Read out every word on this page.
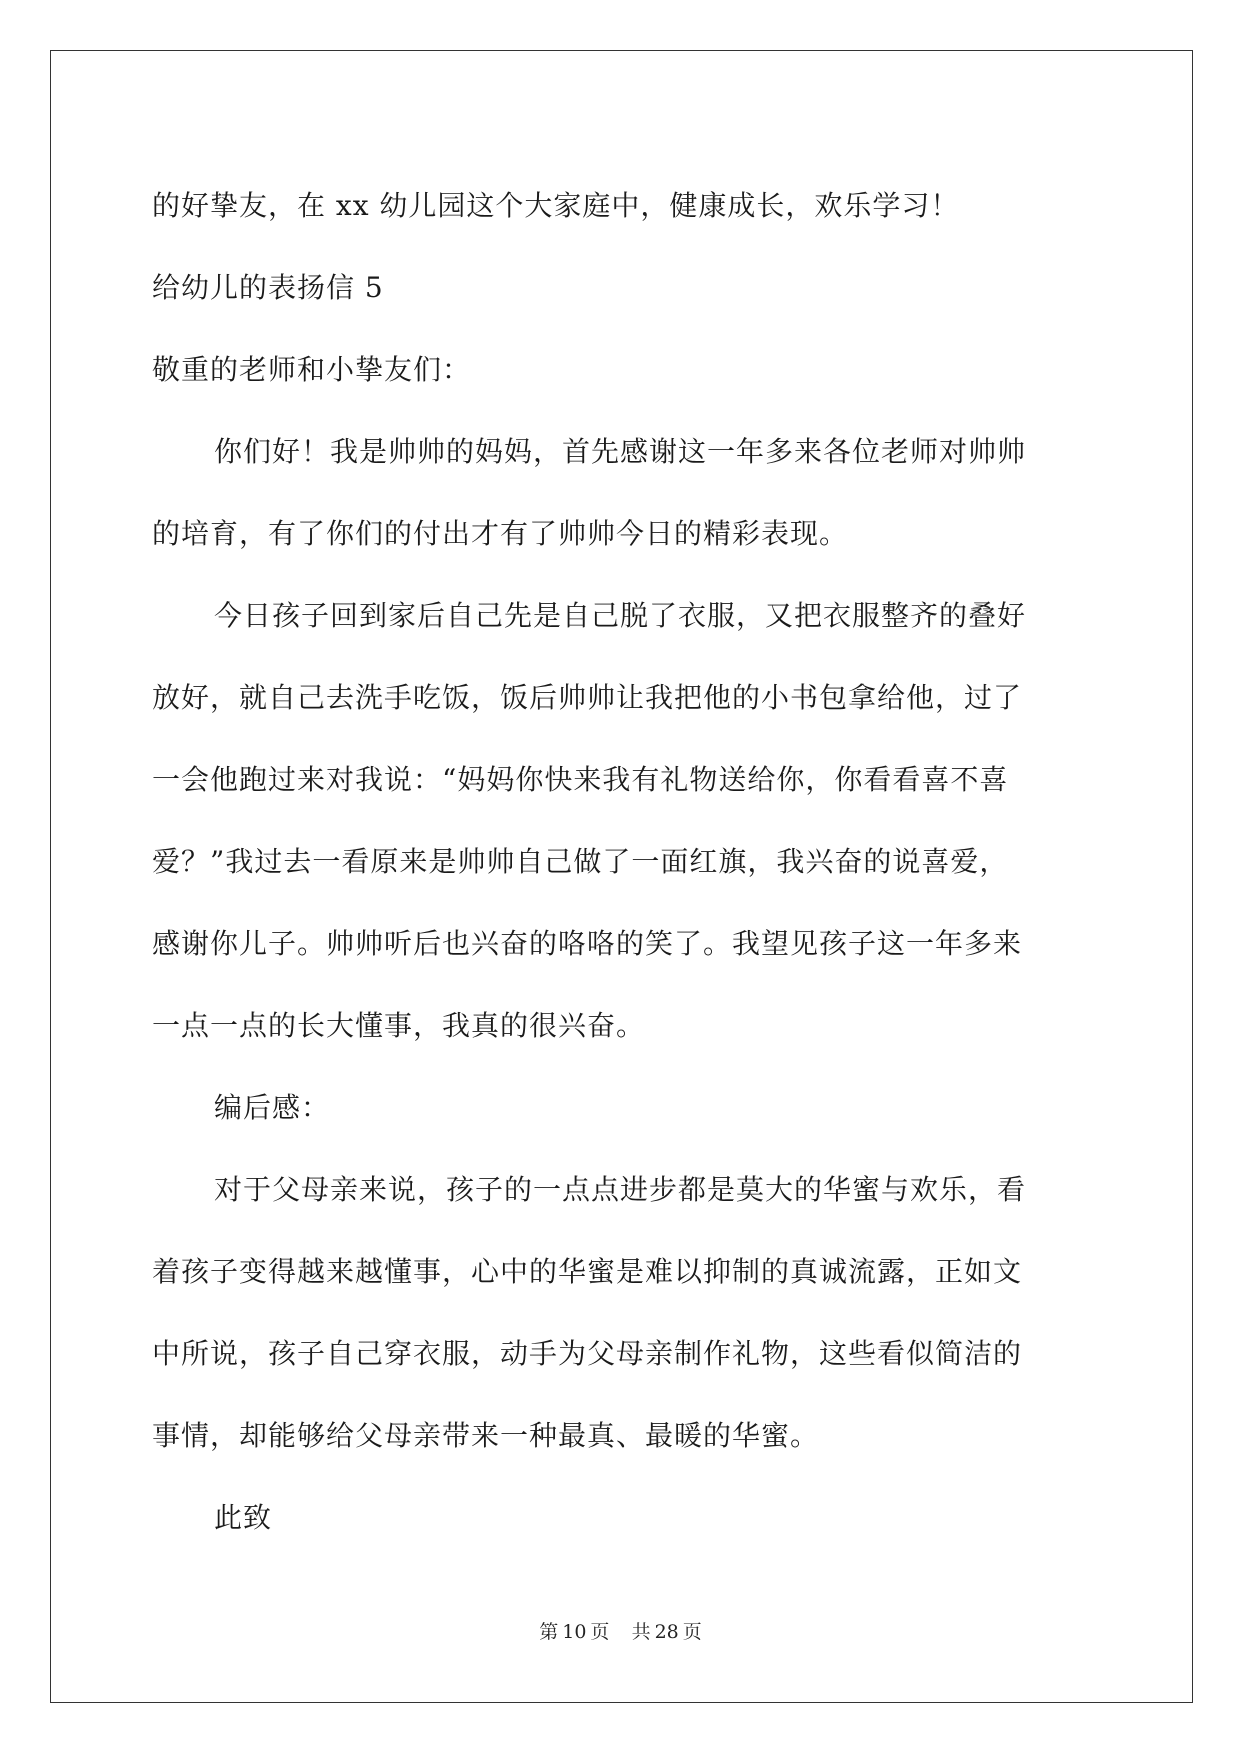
的好挚友，在 xx 幼儿园这个大家庭中，健康成长，欢乐学习！
给幼儿的表扬信 5
敬重的老师和小挚友们：
你们好！我是帅帅的妈妈，首先感谢这一年多来各位老师对帅帅
的培育，有了你们的付出才有了帅帅今日的精彩表现。
今日孩子回到家后自己先是自己脱了衣服，又把衣服整齐的叠好
放好，就自己去洗手吃饭，饭后帅帅让我把他的小书包拿给他，过了
一会他跑过来对我说：“妈妈你快来我有礼物送给你，你看看喜不喜
爱？”我过去一看原来是帅帅自己做了一面红旗，我兴奋的说喜爱，
感谢你儿子。帅帅听后也兴奋的咯咯的笑了。我望见孩子这一年多来
一点一点的长大懂事，我真的很兴奋。
编后感：
对于父母亲来说，孩子的一点点进步都是莫大的华蜜与欢乐，看
着孩子变得越来越懂事，心中的华蜜是难以抑制的真诚流露，正如文
中所说，孩子自己穿衣服，动手为父母亲制作礼物，这些看似简洁的
事情，却能够给父母亲带来一种最真、最暖的华蜜。
此致
第 10 页 共 28 页
